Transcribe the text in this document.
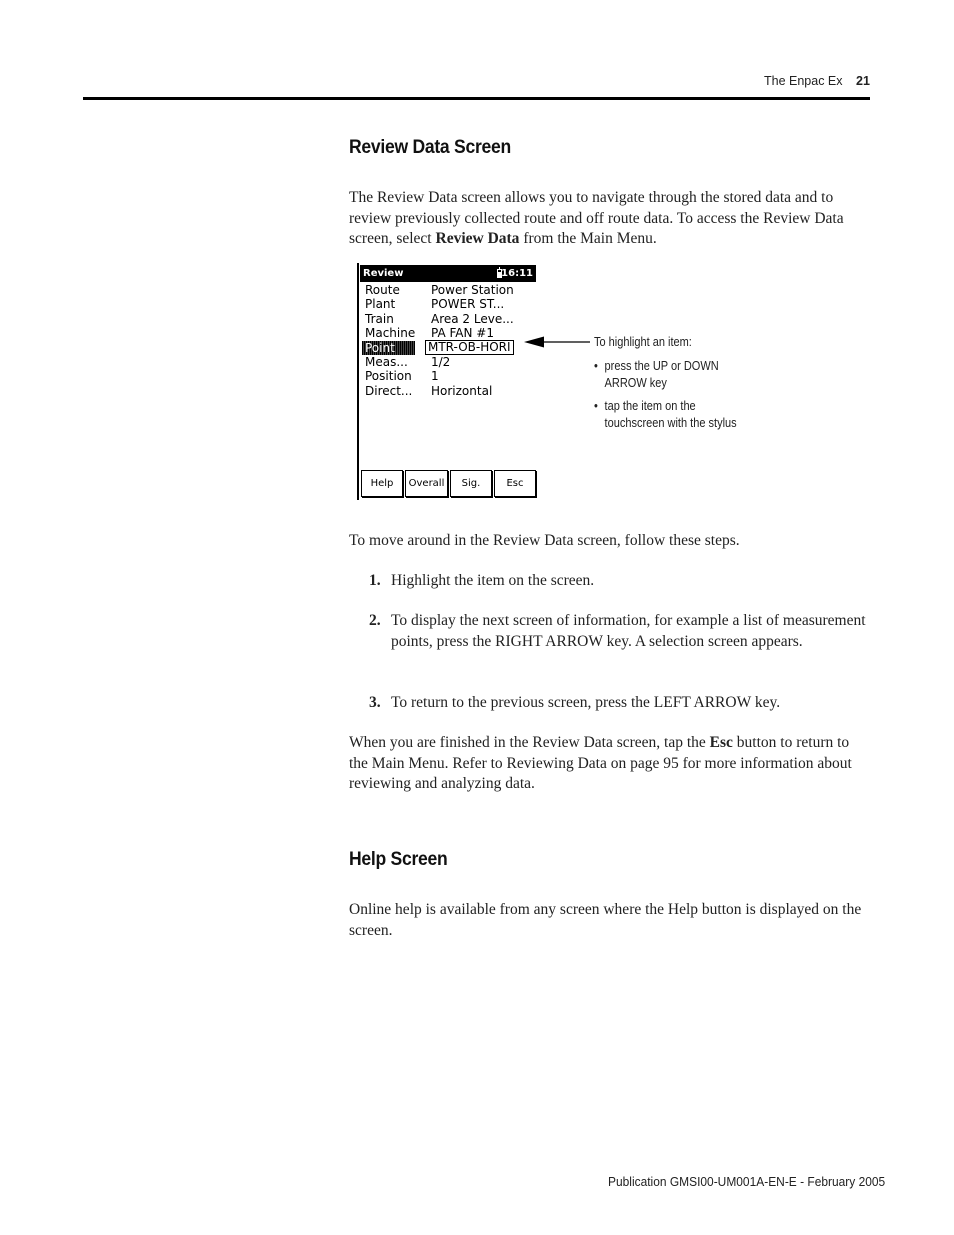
The Enpac Ex 21
Review Data Screen

The Review Data screen allows you to navigate through the stored data and to review previously collected route and off route data. To access the Review Data screen, select Review Data from the Main Menu.

Review	16:11
Route	Power Station
Plant	POWER ST...
Train	Area 2 Leve...
Machine PA FAN #1
Point	MTR-OB-HORI
Meas... 1/2
Position 1
Direct... Horizontal
Help	Overall	Sig.	Esc
To highlight an item:
• press the UP or DOWN ARROW key
• tap the item on the touchscreen with the stylus

To move around in the Review Data screen, follow these steps.

1. Highlight the item on the screen.
2. To display the next screen of information, for example a list of measurement points, press the RIGHT ARROW key. A selection screen appears.
3. To return to the previous screen, press the LEFT ARROW key.

When you are finished in the Review Data screen, tap the Esc button to return to the Main Menu. Refer to Reviewing Data on page 95 for more information about reviewing and analyzing data.

Help Screen

Online help is available from any screen where the Help button is displayed on the screen.

Publication GMSI00-UM001A-EN-E - February 2005
